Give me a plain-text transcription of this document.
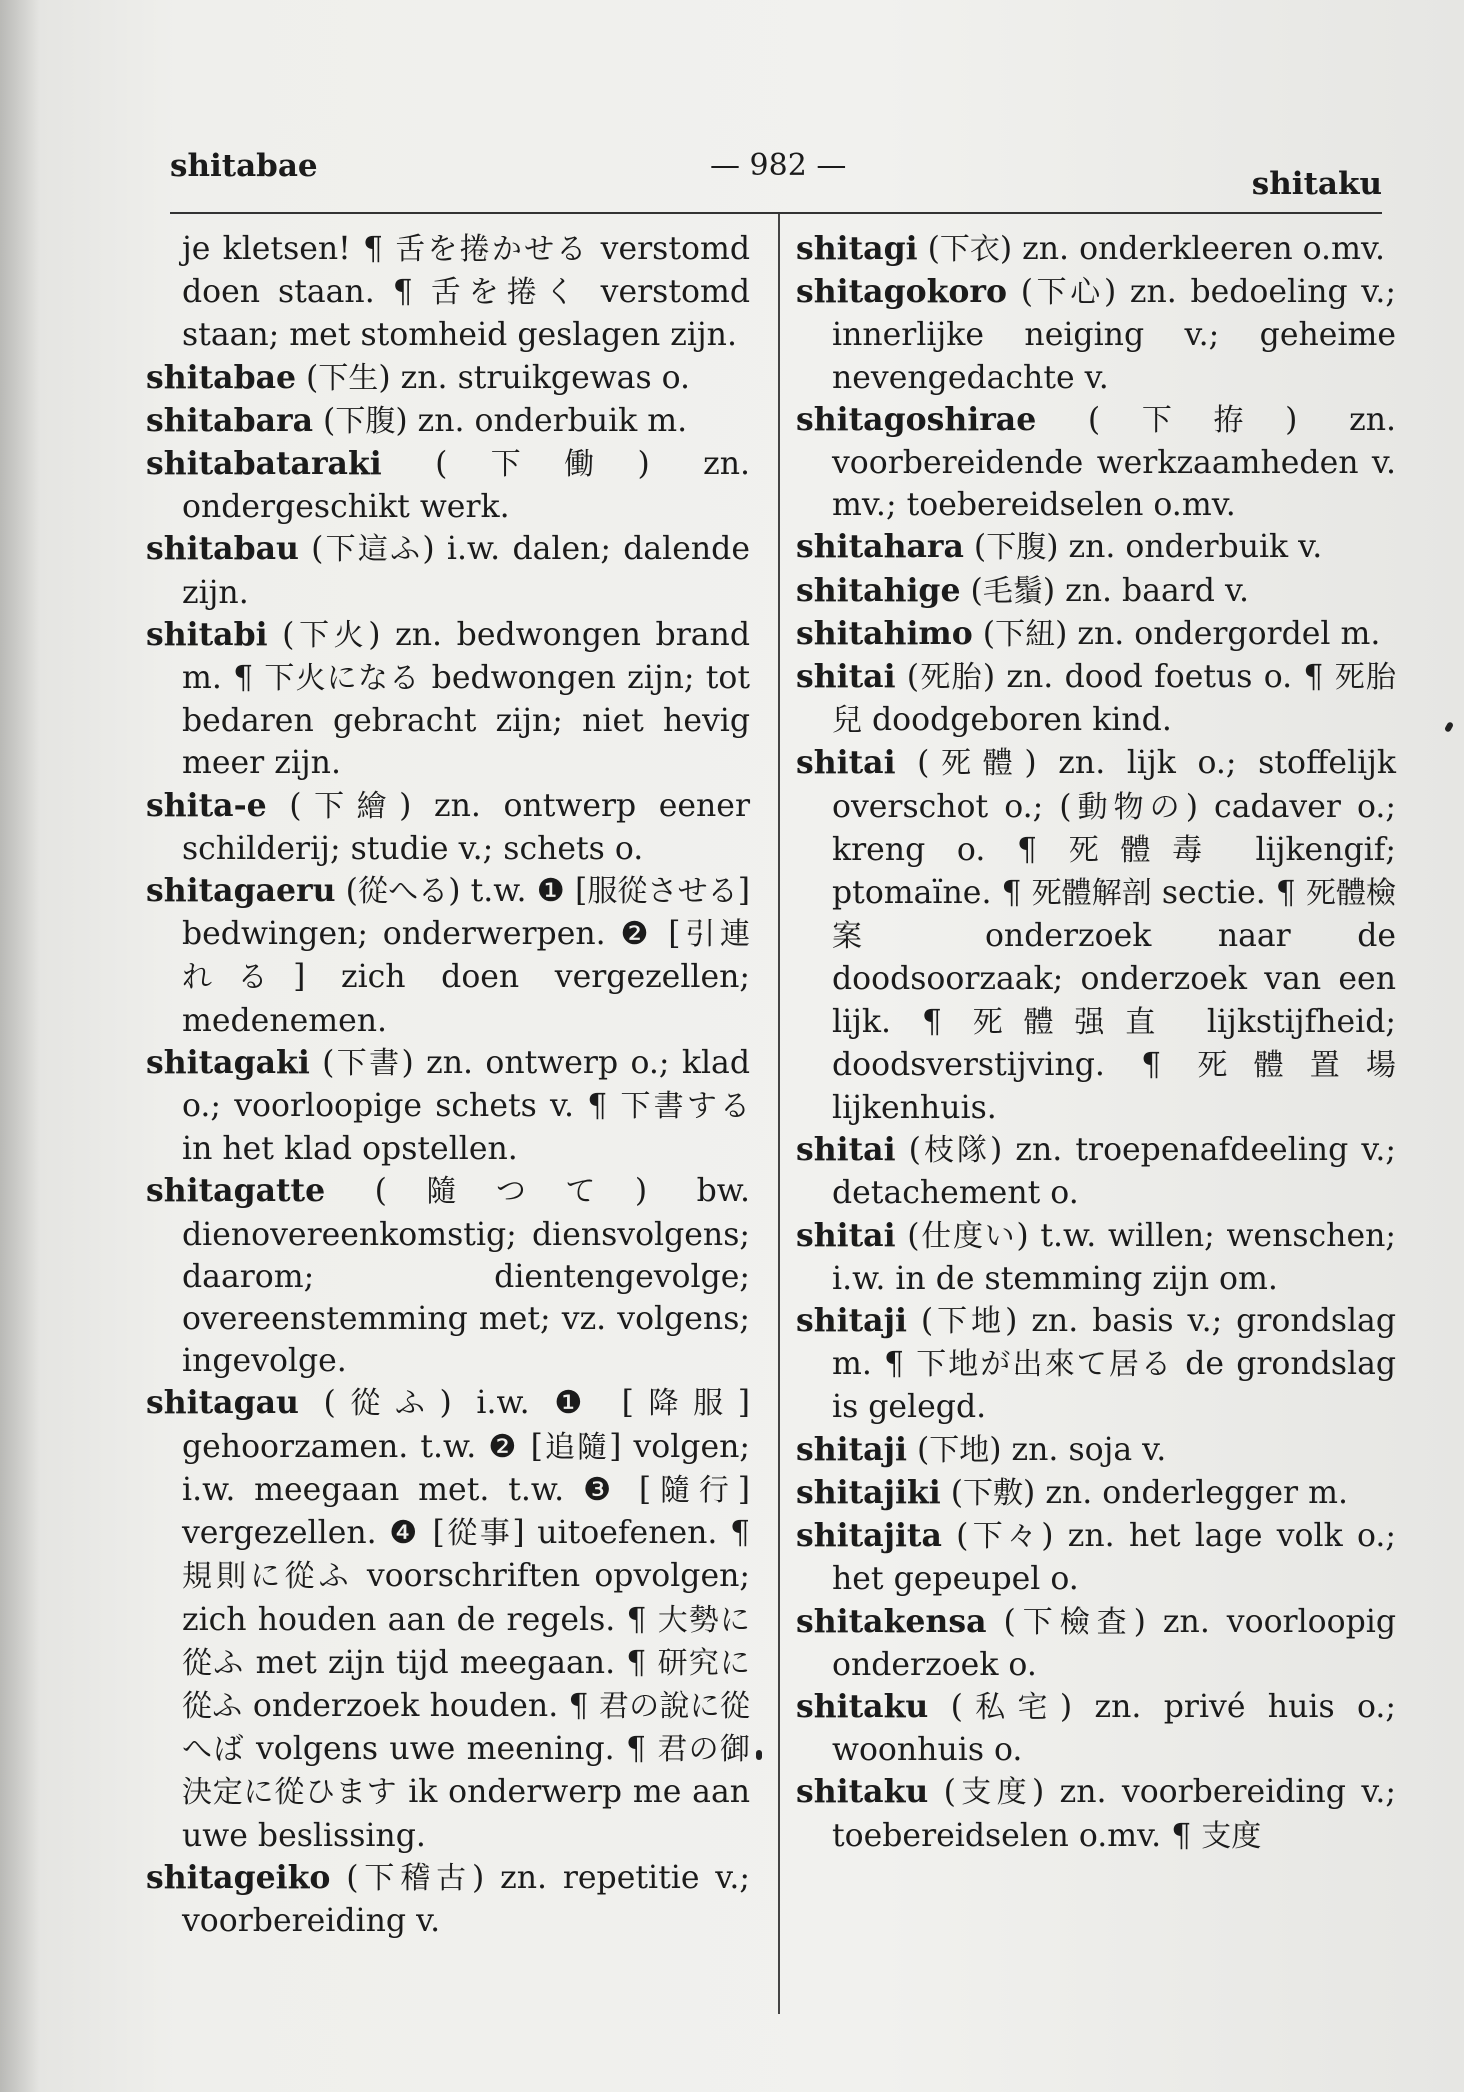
shitabae	— 982 —
shitaku

je kletsen! ¶ 舌を捲かせる verstomd doen staan. ¶ 舌を捲く verstomd staan; met stomheid geslagen zijn.

shitabae (下生) zn. struikgewas o.

shitabara (下腹) zn. onderbuik m.

shitabataraki (下働) zn. ondergeschikt werk.

shitabau (下這ふ) i.w. dalen; dalende zijn.

shitabi (下火) zn. bedwongen brand m. ¶ 下火になる bedwongen zijn; tot bedaren gebracht zijn; niet hevig meer zijn.

shita-e (下繪) zn. ontwerp eener schilderij; studie v.; schets o.

shitagaeru (從へる) t.w. ❶ [服從させる] bedwingen; onderwerpen. ❷ [引連れる] zich doen vergezellen; medenemen.

shitagaki (下書) zn. ontwerp o.; klad o.; voorloopige schets v. ¶ 下書する in het klad opstellen.

shitagatte (隨つて) bw. dienovereenkomstig; diensvolgens; daarom; dientengevolge; overeenstemming met; vz. volgens; ingevolge.

shitagau (從ふ) i.w. ❶ [降服] gehoorzamen. t.w. ❷ [追隨] volgen; i.w. meegaan met. t.w. ❸ [隨行] vergezellen. ❹ [從事] uitoefenen. ¶ 規則に從ふ voorschriften opvolgen; zich houden aan de regels. ¶ 大勢に從ふ met zijn tijd meegaan. ¶ 研究に從ふ onderzoek houden. ¶ 君の說に從へば volgens uwe meening. ¶ 君の御決定に從ひます ik onderwerp me aan uwe beslissing.

shitageiko (下稽古) zn. repetitie v.; voorbereiding v.

shitagi (下衣) zn. onderkleeren o.mv.

shitagokoro (下心) zn. bedoeling v.; innerlijke neiging v.; geheime nevengedachte v.

shitagoshirae (下拵) zn. voorbereidende werkzaamheden v. mv.; toebereidselen o.mv.

shitahara (下腹) zn. onderbuik v.

shitahige (毛鬚) zn. baard v.

shitahimo (下紐) zn. ondergordel m.

shitai (死胎) zn. dood foetus o. ¶ 死胎兒 doodgeboren kind.

shitai (死體) zn. lijk o.; stoffelijk overschot o.; (動物の) cadaver o.; kreng o. ¶ 死體毒 lijkengif; ptomaïne. ¶ 死體解剖 sectie. ¶ 死體檢案 onderzoek naar de doodsoorzaak; onderzoek van een lijk. ¶ 死體强直 lijkstijfheid; doodsverstijving. ¶ 死體置場 lijkenhuis.

shitai (枝隊) zn. troepenafdeeling v.; detachement o.

shitai (仕度い) t.w. willen; wenschen; i.w. in de stemming zijn om.

shitaji (下地) zn. basis v.; grondslag m. ¶ 下地が出來て居る de grondslag is gelegd.

shitaji (下地) zn. soja v.

shitajiki (下敷) zn. onderlegger m.

shitajita (下々) zn. het lage volk o.; het gepeupel o.

shitakensa (下檢査) zn. voorloopig onderzoek o.

shitaku (私宅) zn. privé huis o.; woonhuis o.

shitaku (支度) zn. voorbereiding v.; toebereidselen o.mv. ¶ 支度
